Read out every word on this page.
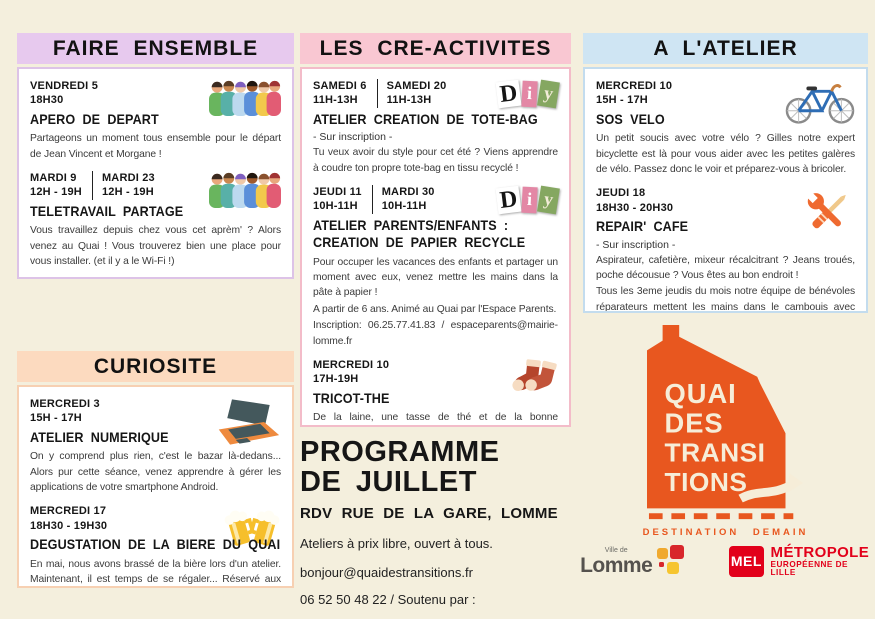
FAIRE ENSEMBLE
VENDREDI 5
18H30
APERO DE DEPART

Partageons un moment tous ensemble pour le départ de Jean Vincent et Morgane !

MARDI 9
12H - 19H
MARDI 23
12H - 19H
TELETRAVAIL PARTAGE

Vous travaillez depuis chez vous cet aprèm' ? Alors venez au Quai ! Vous trouverez bien une place pour vous installer. (et il y a le Wi-Fi !)

CURIOSITE
MERCREDI 3
15H - 17H
ATELIER NUMERIQUE

On y comprend plus rien, c'est le bazar là-dedans... Alors pur cette séance, venez apprendre à gérer les applications de votre smartphone Android.

MERCREDI 17
18H30 - 19H30
DEGUSTATION DE LA BIERE DU QUAI

En mai, nous avons brassé de la bière lors d'un atelier. Maintenant, il est temps de se régaler... Réservé aux

LES CRE-ACTIVITES
D i y
SAMEDI 6
11H-13H
SAMEDI 20
11H-13H
ATELIER CREATION DE TOTE-BAG
- Sur inscription -

Tu veux avoir du style pour cet été ? Viens apprendre à coudre ton propre tote-bag en tissu recyclé !

D i y
JEUDI 11
10H-11H
MARDI 30
10H-11H
ATELIER PARENTS/ENFANTS :
CREATION DE PAPIER RECYCLE

Pour occuper les vacances des enfants et partager un moment avec eux, venez mettre les mains dans la pâte à papier !

A partir de 6 ans. Animé au Quai par l'Espace Parents.

Inscription: 06.25.77.41.83 / espaceparents@mairie-lomme.fr

MERCREDI 10
17H-19H
TRICOT-THE

De la laine, une tasse de thé et de la bonne

PROGRAMME
DE JUILLET
RDV RUE DE LA GARE, LOMME
Ateliers à prix libre, ouvert à tous.
bonjour@quaidestransitions.fr
06 52 50 48 22 / Soutenu par :
A L'ATELIER
MERCREDI 10
15H - 17H
SOS VELO

Un petit soucis avec votre vélo ? Gilles notre expert bicyclette est là pour vous aider avec les petites galères de vélo. Passez donc le voir et préparez-vous à bricoler.

JEUDI 18
18H30 - 20H30
REPAIR' CAFE
- Sur inscription -

Aspirateur, cafetière, mixeur récalcitrant ? Jeans troués, poche décousue ? Vous êtes au bon endroit !

Tous les 3eme jeudis du mois notre équipe de bénévoles réparateurs mettent les mains dans le cambouis avec

QUAI
DES
TRANSI
TIONS
DESTINATION DEMAIN
Ville de
Lomme	MEL
MÉTROPOLE
EUROPÉENNE DE LILLE
